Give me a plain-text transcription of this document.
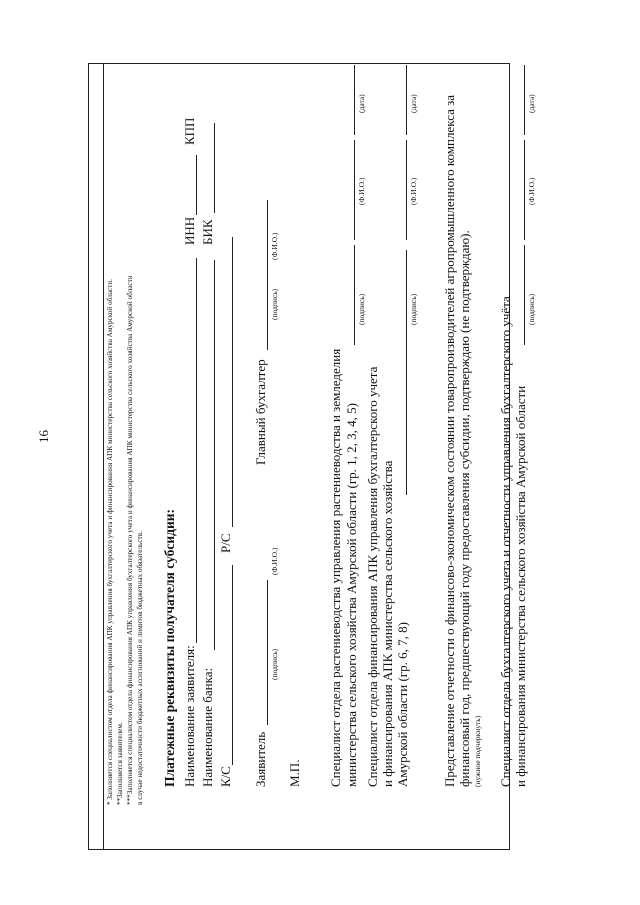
16	* Заполняется специалистом отдела финансирования АПК управления бухгалтерского учета и финансирования АПК министерства сельского хозяйства Амурской области. **Заполняется заявителем. ***Заполняется специалистом отдела финансирования АПК управления бухгалтерского учета и финансирования АПК министерства сельского хозяйства Амурской области в случае недостаточности бюджетных ассигнований и лимитов бюджетных обязательств. Платежные реквизиты получателя субсидии: Наименование заявителя:
ИНН
КПП
Наименование банка:
БИК
К/С
Р/С
Заявитель
(подпись)
(Ф.И.О.)
Главный бухгалтер
(подпись)
(Ф.И.О.)
М.П. Специалист отдела растениеводства управления растениеводства и земледелия министерства сельского хозяйства Амурской области (гр. 1, 2, 3, 4, 5)
(подпись)
(Ф.И.О.)
(дата)
Специалист отдела финансирования АПК управления бухгалтерского учета и финансирования АПК министерства сельского хозяйства Амурской области (гр. 6, 7, 8)
(подпись)
(Ф.И.О.)
(дата) Представление отчетности о финансово-экономическом состоянии товаропроизводителей агропромышленного комплекса за финансовый год, предшествующий году предоставления субсидии, подтверждаю (не подтверждаю). (нужное подчеркнуть) Специалист отдела бухгалтерского учета и отчетности управления бухгалтерского учёта и финансирования министерства сельского хозяйства Амурской области
(подпись)
(Ф.И.О.)
(дата)
